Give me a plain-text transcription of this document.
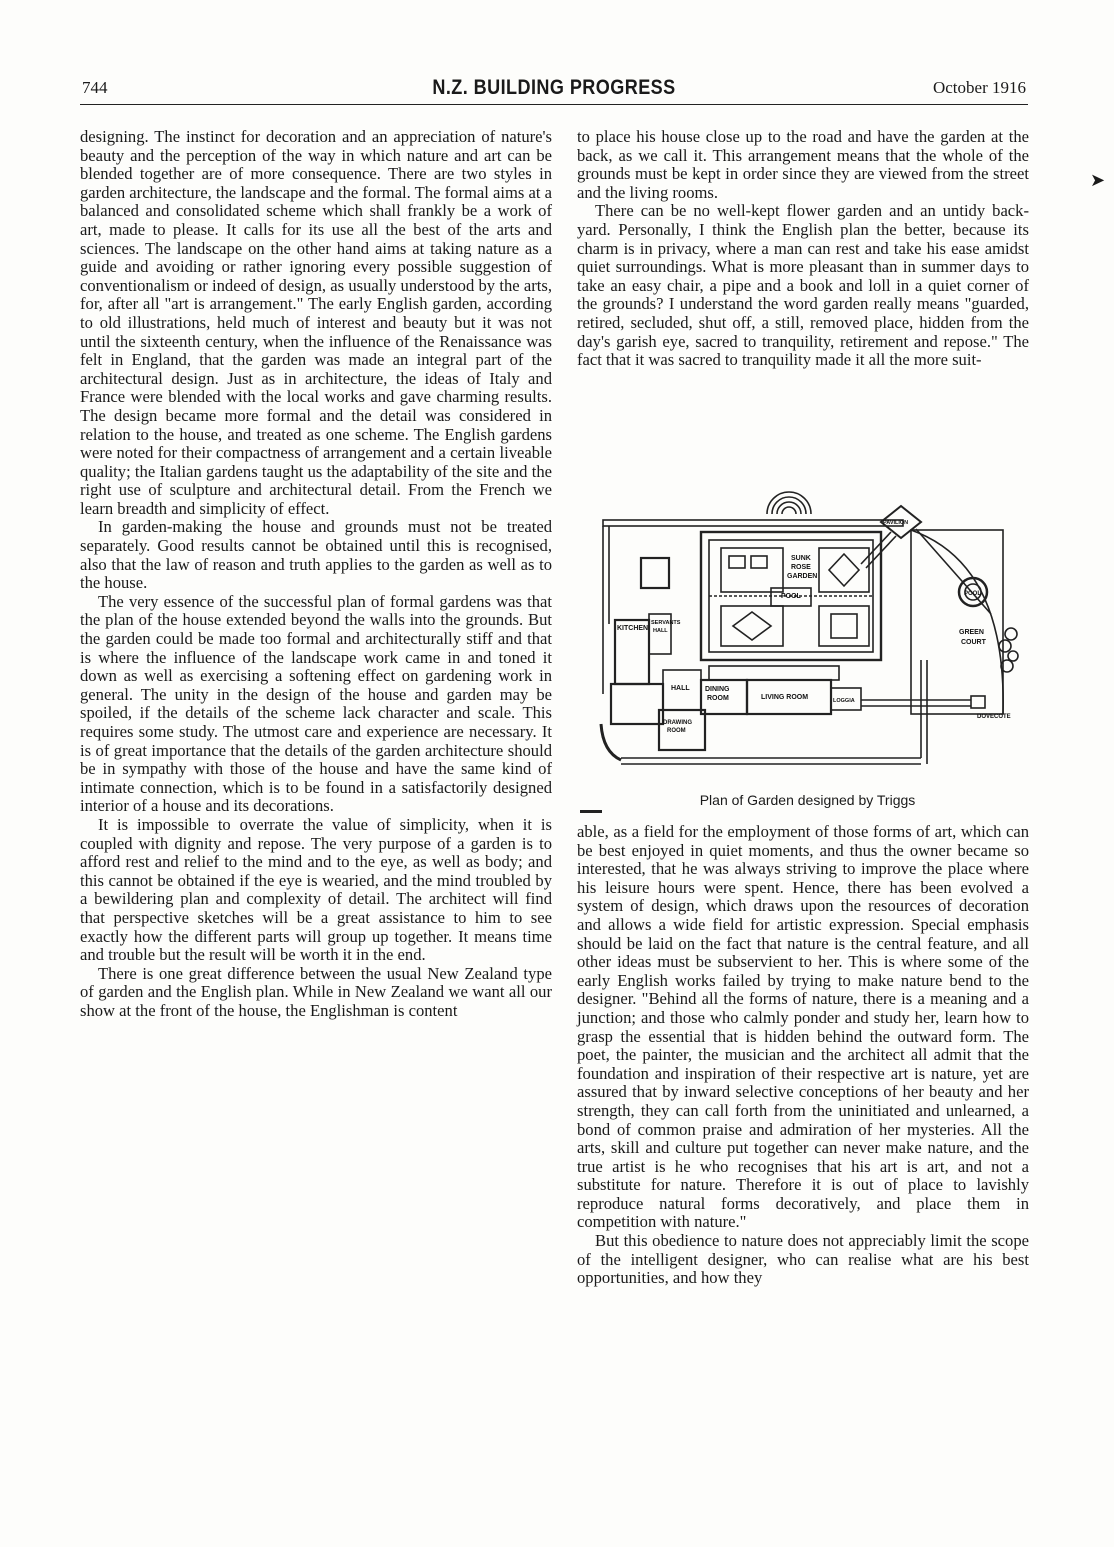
744	N.Z. BUILDING PROGRESS	October 1916
➤

designing. The instinct for decoration and an appreciation of nature's beauty and the perception of the way in which nature and art can be blended together are of more consequence. There are two styles in garden architecture, the landscape and the formal. The formal aims at a balanced and consolidated scheme which shall frankly be a work of art, made to please. It calls for its use all the best of the arts and sciences. The landscape on the other hand aims at taking nature as a guide and avoiding or rather ignoring every possible suggestion of conventionalism or indeed of design, as usually understood by the arts, for, after all "art is arrangement." The early English garden, according to old illustrations, held much of interest and beauty but it was not until the sixteenth century, when the influence of the Renaissance was felt in England, that the garden was made an integral part of the architectural design. Just as in architecture, the ideas of Italy and France were blended with the local works and gave charming results. The design became more formal and the detail was considered in relation to the house, and treated as one scheme. The English gardens were noted for their compactness of arrangement and a certain liveable quality; the Italian gardens taught us the adaptability of the site and the right use of sculpture and architectural detail. From the French we learn breadth and simplicity of effect.

In garden-making the house and grounds must not be treated separately. Good results cannot be obtained until this is recognised, also that the law of reason and truth applies to the garden as well as to the house.

The very essence of the successful plan of formal gardens was that the plan of the house extended beyond the walls into the grounds. But the garden could be made too formal and architecturally stiff and that is where the influence of the landscape work came in and toned it down as well as exercising a softening effect on gardening work in general. The unity in the design of the house and garden may be spoiled, if the details of the scheme lack character and scale. This requires some study. The utmost care and experience are necessary. It is of great importance that the details of the garden architecture should be in sympathy with those of the house and have the same kind of intimate connection, which is to be found in a satisfactorily designed interior of a house and its decorations.

It is impossible to overrate the value of simplicity, when it is coupled with dignity and repose. The very purpose of a garden is to afford rest and relief to the mind and to the eye, as well as body; and this cannot be obtained if the eye is wearied, and the mind troubled by a bewildering plan and complexity of detail. The architect will find that perspective sketches will be a great assistance to him to see exactly how the different parts will group up together. It means time and trouble but the result will be worth it in the end.

There is one great difference between the usual New Zealand type of garden and the English plan. While in New Zealand we want all our show at the front of the house, the Englishman is content

to place his house close up to the road and have the garden at the back, as we call it. This arrangement means that the whole of the grounds must be kept in order since they are viewed from the street and the living rooms.

There can be no well-kept flower garden and an untidy back-yard. Personally, I think the English plan the better, because its charm is in privacy, where a man can rest and take his ease amidst quiet surroundings. What is more pleasant than in summer days to take an easy chair, a pipe and a book and loll in a quiet corner of the grounds? I understand the word garden really means "guarded, retired, secluded, shut off, a still, removed place, hidden from the day's garish eye, sacred to tranquility, retirement and repose." The fact that it was sacred to tranquility made it all the more suit-

SUNK
ROSE
GARDEN
POOL	POOL
GREEN
COURT
KITCHEN
SERVANTS
HALL
DINING
ROOM	LIVING ROOM
HALL
DRAWING
ROOM
LOGGIA
DOVECOTE
PAVILION
Plan of Garden designed by Triggs

able, as a field for the employment of those forms of art, which can be best enjoyed in quiet moments, and thus the owner became so interested, that he was always striving to improve the place where his leisure hours were spent. Hence, there has been evolved a system of design, which draws upon the resources of decoration and allows a wide field for artistic expression. Special emphasis should be laid on the fact that nature is the central feature, and all other ideas must be subservient to her. This is where some of the early English works failed by trying to make nature bend to the designer. "Behind all the forms of nature, there is a meaning and a junction; and those who calmly ponder and study her, learn how to grasp the essential that is hidden behind the outward form. The poet, the painter, the musician and the architect all admit that the foundation and inspiration of their respective art is nature, yet are assured that by inward selective conceptions of her beauty and her strength, they can call forth from the uninitiated and unlearned, a bond of common praise and admiration of her mysteries. All the arts, skill and culture put together can never make nature, and the true artist is he who recognises that his art is art, and not a substitute for nature. Therefore it is out of place to lavishly reproduce natural forms decoratively, and place them in competition with nature."

But this obedience to nature does not appreciably limit the scope of the intelligent designer, who can realise what are his best opportunities, and how they
